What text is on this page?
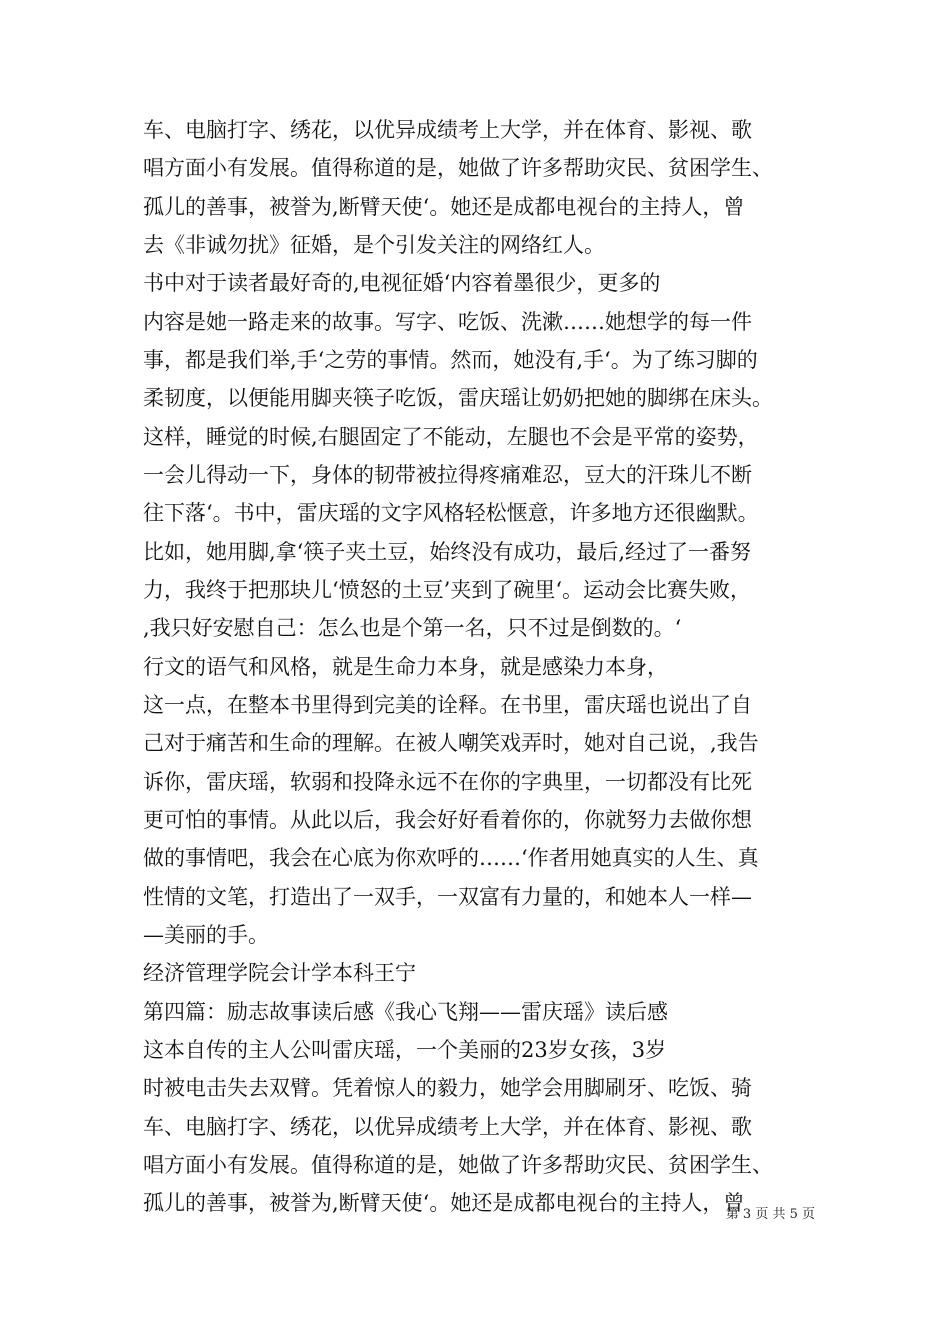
车、电脑打字、绣花，以优异成绩考上大学，并在体育、影视、歌
唱方面小有发展。值得称道的是，她做了许多帮助灾民、贫困学生、
孤儿的善事，被誉为,断臂天使‘。她还是成都电视台的主持人，曾
去《非诚勿扰》征婚，是个引发关注的网络红人。
书中对于读者最好奇的,电视征婚‘内容着墨很少，更多的
内容是她一路走来的故事。写字、吃饭、洗漱……她想学的每一件
事，都是我们举,手‘之劳的事情。然而，她没有,手‘。为了练习脚的
柔韧度，以便能用脚夹筷子吃饭，雷庆瑶让奶奶把她的脚绑在床头。
这样，睡觉的时候,右腿固定了不能动，左腿也不会是平常的姿势，
一会儿得动一下，身体的韧带被拉得疼痛难忍，豆大的汗珠儿不断
往下落‘。书中，雷庆瑶的文字风格轻松惬意，许多地方还很幽默。
比如，她用脚,拿‘筷子夹土豆，始终没有成功，最后,经过了一番努
力，我终于把那块儿‘愤怒的土豆’夹到了碗里‘。运动会比赛失败，
,我只好安慰自己：怎么也是个第一名，只不过是倒数的。‘
行文的语气和风格，就是生命力本身，就是感染力本身，
这一点，在整本书里得到完美的诠释。在书里，雷庆瑶也说出了自
己对于痛苦和生命的理解。在被人嘲笑戏弄时，她对自己说，,我告
诉你，雷庆瑶，软弱和投降永远不在你的字典里，一切都没有比死
更可怕的事情。从此以后，我会好好看着你的，你就努力去做你想
做的事情吧，我会在心底为你欢呼的……‘作者用她真实的人生、真
性情的文笔，打造出了一双手，一双富有力量的，和她本人一样—
—美丽的手。
经济管理学院会计学本科王宁
第四篇：励志故事读后感《我心飞翔——雷庆瑶》读后感
这本自传的主人公叫雷庆瑶，一个美丽的23岁女孩，3岁
时被电击失去双臂。凭着惊人的毅力，她学会用脚刷牙、吃饭、骑
车、电脑打字、绣花，以优异成绩考上大学，并在体育、影视、歌
唱方面小有发展。值得称道的是，她做了许多帮助灾民、贫困学生、
孤儿的善事，被誉为,断臂天使‘。她还是成都电视台的主持人，曾
第 3 页 共 5 页
